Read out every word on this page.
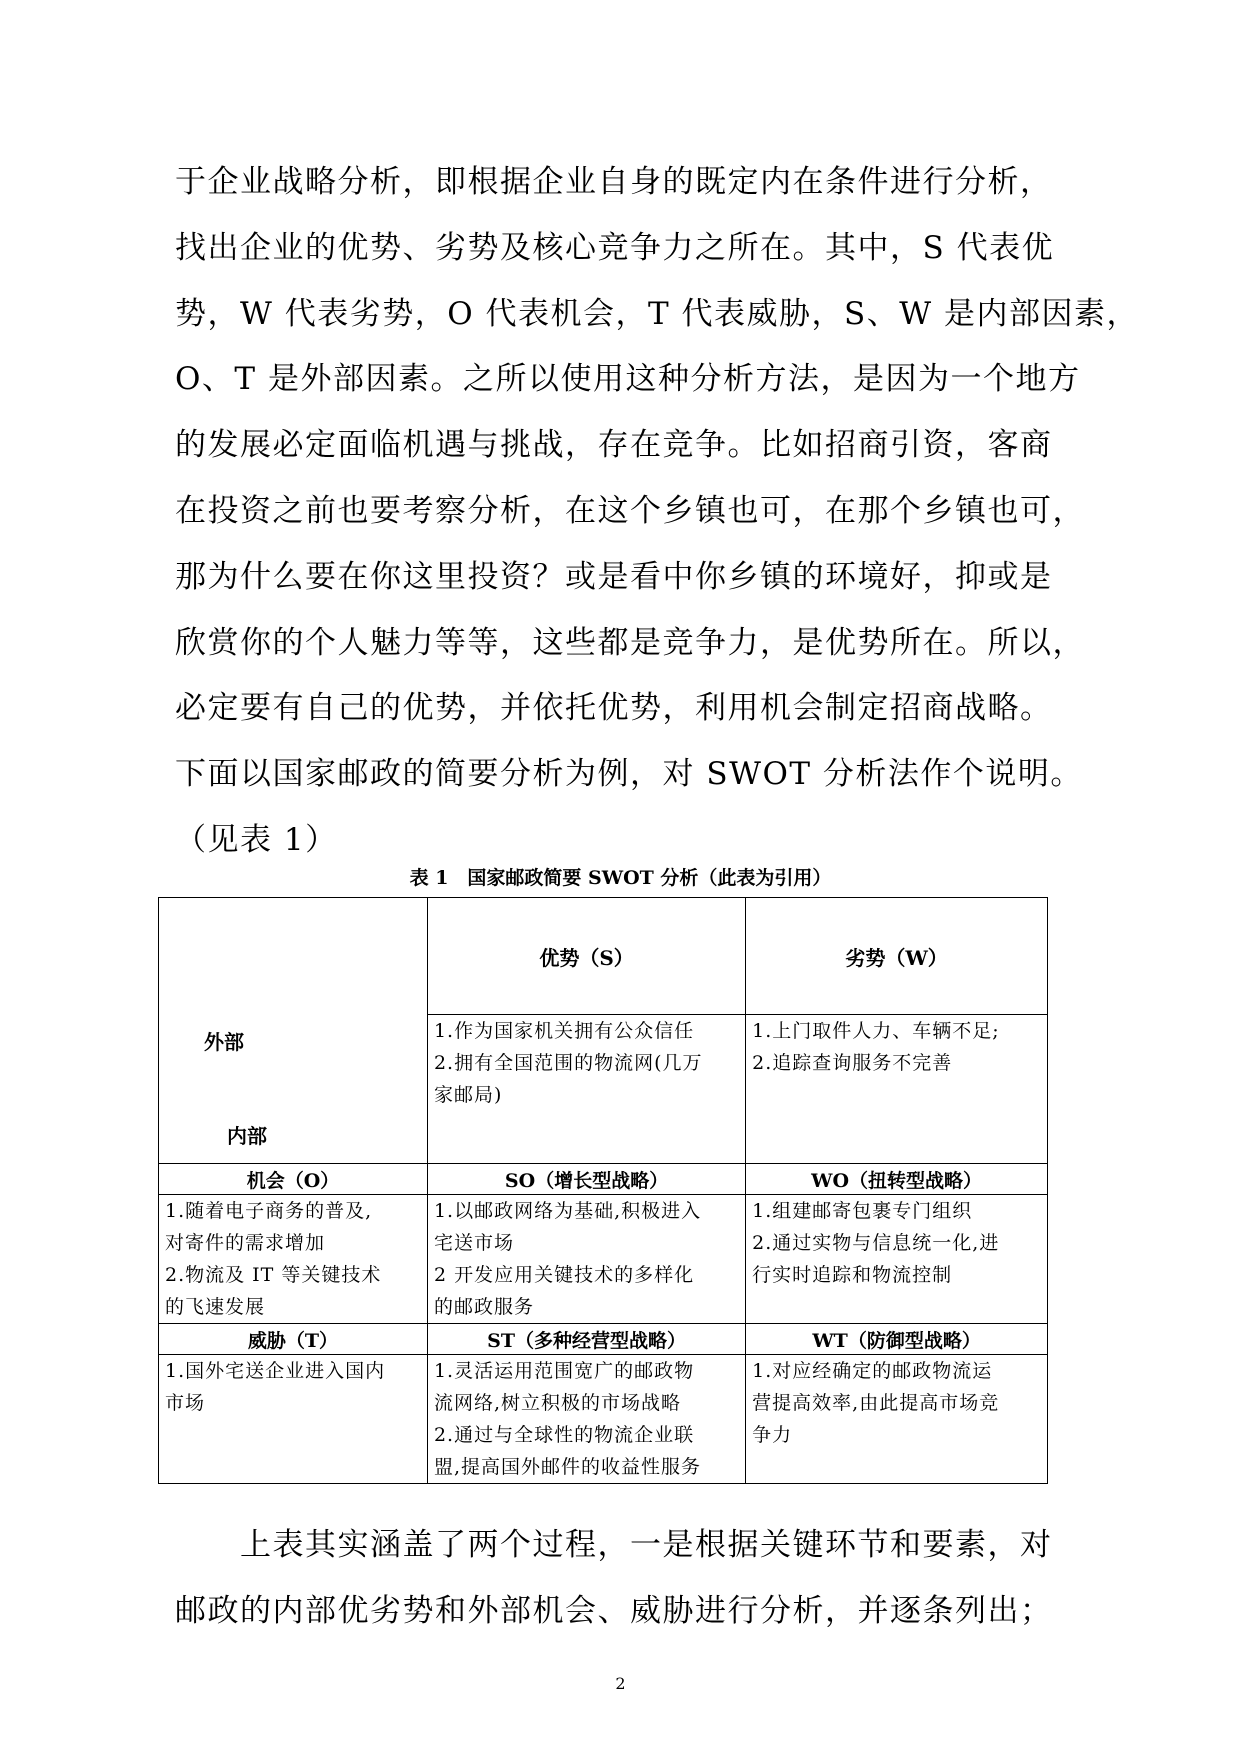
于企业战略分析，即根据企业自身的既定内在条件进行分析，
找出企业的优势、劣势及核心竞争力之所在。其中，S 代表优
势，W 代表劣势，O 代表机会，T 代表威胁，S、W 是内部因素，
O、T 是外部因素。之所以使用这种分析方法，是因为一个地方
的发展必定面临机遇与挑战，存在竞争。比如招商引资，客商
在投资之前也要考察分析，在这个乡镇也可，在那个乡镇也可，
那为什么要在你这里投资？或是看中你乡镇的环境好，抑或是
欣赏你的个人魅力等等，这些都是竞争力，是优势所在。所以，
必定要有自己的优势，并依托优势，利用机会制定招商战略。
下面以国家邮政的简要分析为例，对 SWOT 分析法作个说明。
（见表 1）
表 1　国家邮政简要 SWOT 分析（此表为引用）
外部
内部	优势（S）	劣势（W）

	1.作为国家机关拥有公众信任
2.拥有全国范围的物流网(几万
家邮局)	1.上门取件人力、车辆不足;
2.追踪查询服务不完善

机会（O）	SO（增长型战略）	WO（扭转型战略）

1.随着电子商务的普及,
对寄件的需求增加
2.物流及 IT 等关键技术
的飞速发展	1.以邮政网络为基础,积极进入
宅送市场
2 开发应用关键技术的多样化
的邮政服务	1.组建邮寄包裹专门组织
2.通过实物与信息统一化,进
行实时追踪和物流控制

威胁（T）	ST（多种经营型战略）	WT（防御型战略）

1.国外宅送企业进入国内
市场	1.灵活运用范围宽广的邮政物
流网络,树立积极的市场战略
2.通过与全球性的物流企业联
盟,提高国外邮件的收益性服务	1.对应经确定的邮政物流运
营提高效率,由此提高市场竞
争力
　　上表其实涵盖了两个过程，一是根据关键环节和要素，对
邮政的内部优劣势和外部机会、威胁进行分析，并逐条列出；
2
